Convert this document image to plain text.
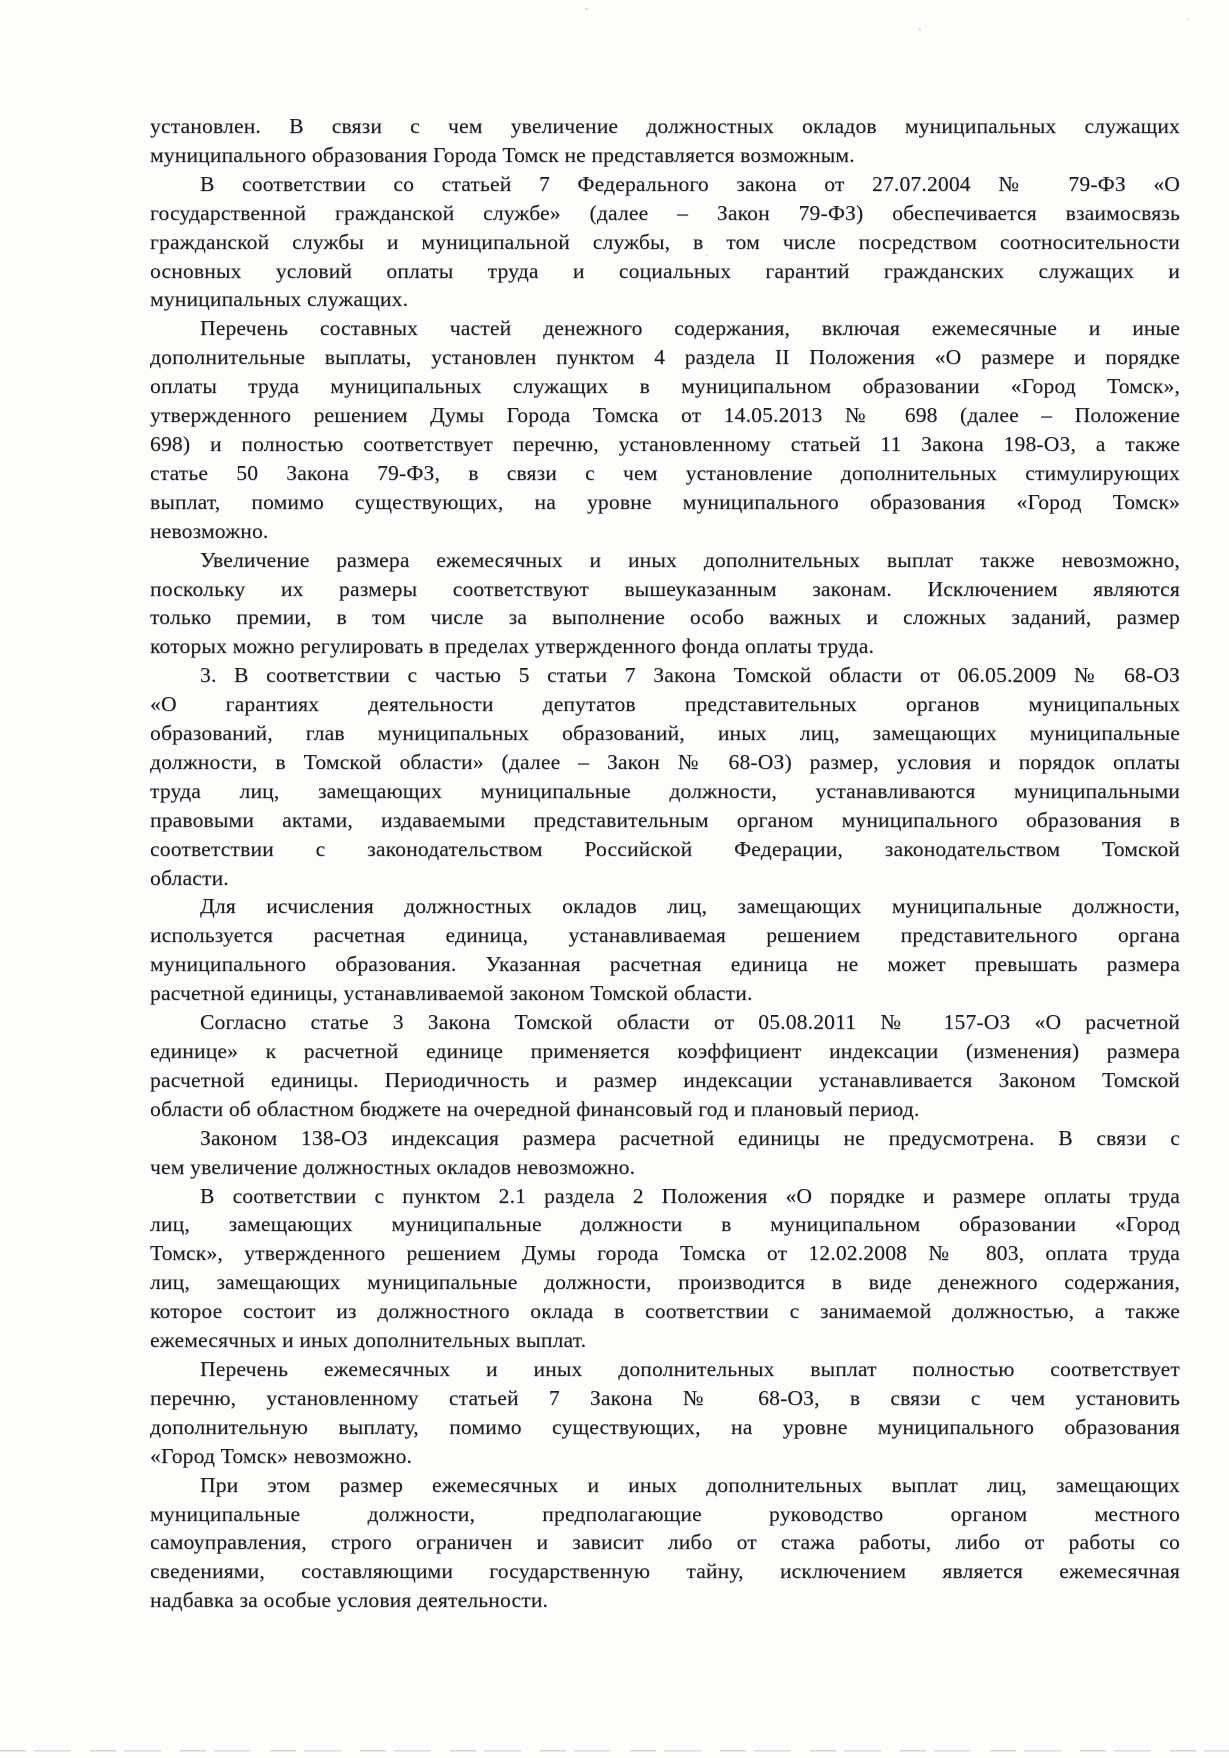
установлен. В связи с чем увеличение должностных окладов муниципальных служащих
муниципального образования Города Томск не представляется возможным.
В соответствии со статьей 7 Федерального закона от 27.07.2004 № 79-ФЗ «О
государственной гражданской службе» (далее – Закон 79-ФЗ) обеспечивается взаимосвязь
гражданской службы и муниципальной службы, в том числе посредством соотносительности
основных условий оплаты труда и социальных гарантий гражданских служащих и
муниципальных служащих.
Перечень составных частей денежного содержания, включая ежемесячные и иные
дополнительные выплаты, установлен пунктом 4 раздела II Положения «О размере и порядке
оплаты труда муниципальных служащих в муниципальном образовании «Город Томск»,
утвержденного решением Думы Города Томска от 14.05.2013 № 698 (далее – Положение
698) и полностью соответствует перечню, установленному статьей 11 Закона 198-ОЗ, а также
статье 50 Закона 79-ФЗ, в связи с чем установление дополнительных стимулирующих
выплат, помимо существующих, на уровне муниципального образования «Город Томск»
невозможно.
Увеличение размера ежемесячных и иных дополнительных выплат также невозможно,
поскольку их размеры соответствуют вышеуказанным законам. Исключением являются
только премии, в том числе за выполнение особо важных и сложных заданий, размер
которых можно регулировать в пределах утвержденного фонда оплаты труда.
3. В соответствии с частью 5 статьи 7 Закона Томской области от 06.05.2009 № 68-ОЗ
«О гарантиях деятельности депутатов представительных органов муниципальных
образований, глав муниципальных образований, иных лиц, замещающих муниципальные
должности, в Томской области» (далее – Закон № 68-ОЗ) размер, условия и порядок оплаты
труда лиц, замещающих муниципальные должности, устанавливаются муниципальными
правовыми актами, издаваемыми представительным органом муниципального образования в
соответствии с законодательством Российской Федерации, законодательством Томской
области.
Для исчисления должностных окладов лиц, замещающих муниципальные должности,
используется расчетная единица, устанавливаемая решением представительного органа
муниципального образования. Указанная расчетная единица не может превышать размера
расчетной единицы, устанавливаемой законом Томской области.
Согласно статье 3 Закона Томской области от 05.08.2011 № 157-ОЗ «О расчетной
единице» к расчетной единице применяется коэффициент индексации (изменения) размера
расчетной единицы. Периодичность и размер индексации устанавливается Законом Томской
области об областном бюджете на очередной финансовый год и плановый период.
Законом 138-ОЗ индексация размера расчетной единицы не предусмотрена. В связи с
чем увеличение должностных окладов невозможно.
В соответствии с пунктом 2.1 раздела 2 Положения «О порядке и размере оплаты труда
лиц, замещающих муниципальные должности в муниципальном образовании «Город
Томск», утвержденного решением Думы города Томска от 12.02.2008 № 803, оплата труда
лиц, замещающих муниципальные должности, производится в виде денежного содержания,
которое состоит из должностного оклада в соответствии с занимаемой должностью, а также
ежемесячных и иных дополнительных выплат.
Перечень ежемесячных и иных дополнительных выплат полностью соответствует
перечню, установленному статьей 7 Закона № 68-ОЗ, в связи с чем установить
дополнительную выплату, помимо существующих, на уровне муниципального образования
«Город Томск» невозможно.
При этом размер ежемесячных и иных дополнительных выплат лиц, замещающих
муниципальные должности, предполагающие руководство органом местного
самоуправления, строго ограничен и зависит либо от стажа работы, либо от работы со
сведениями, составляющими государственную тайну, исключением является ежемесячная
надбавка за особые условия деятельности.
